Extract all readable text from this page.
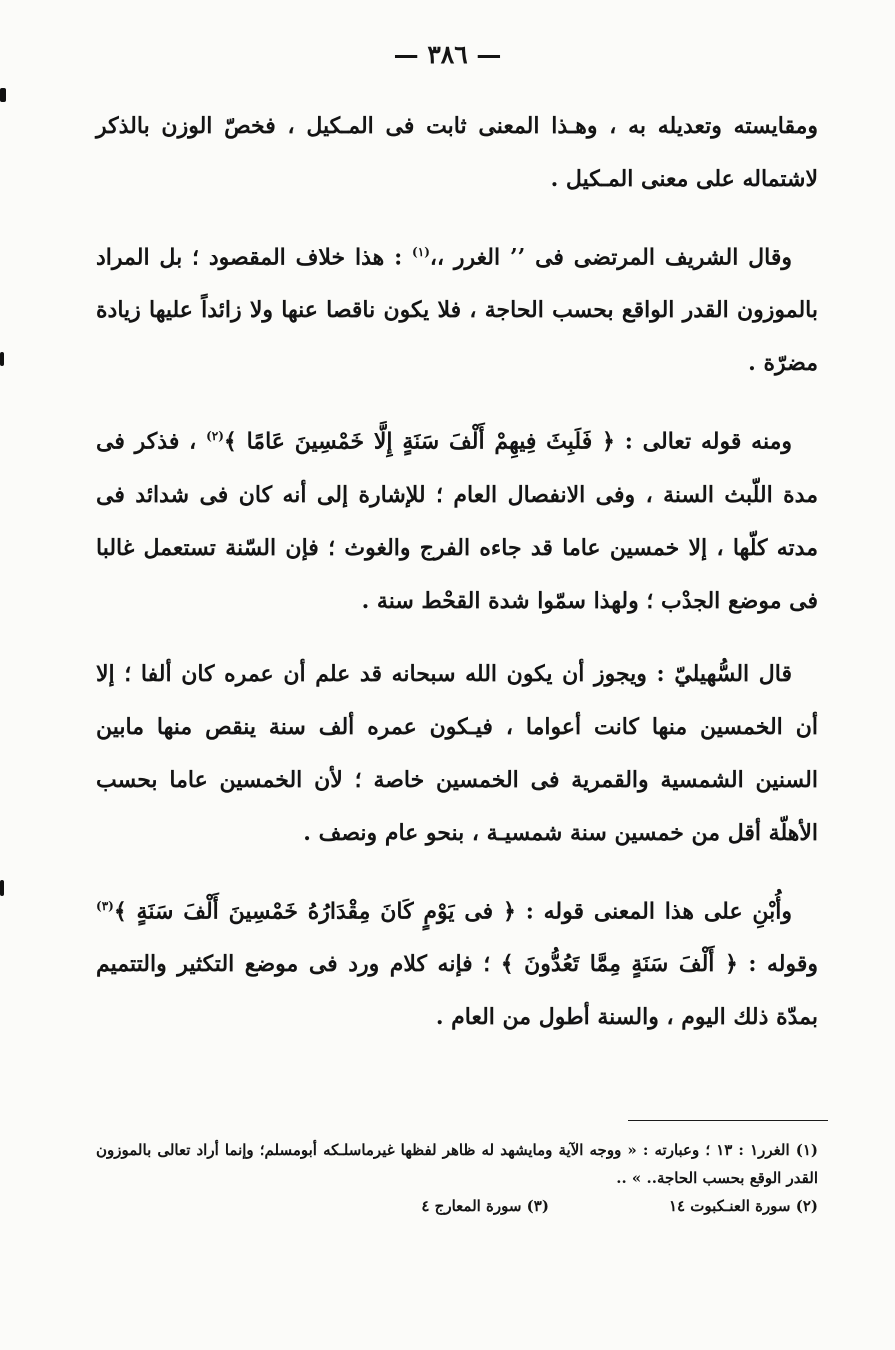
— ٣٨٦ —

ومقايسته وتعديله به ، وهـذا المعنى ثابت فى المـكيل ، فخصّ الوزن بالذكر لاشتماله على معنى المـكيل .

وقال الشريف المرتضى فى ’’ الغرر ،،$^{(١)}$ : هذا خلاف المقصود ؛ بل المراد بالموزون القدر الواقع بحسب الحاجة ، فلا يكون ناقصا عنها ولا زائداً عليها زيادة مضرّة .

ومنه قوله تعالى : ﴿ فَلَبِثَ فِيهِمْ أَلْفَ سَنَةٍ إِلَّا خَمْسِينَ عَامًا ﴾$^{(٢)}$ ، فذكر فى مدة اللّبث السنة ، وفى الانفصال العام ؛ للإشارة إلى أنه كان فى شدائد فى مدته كلّها ، إلا خمسين عاما قد جاءه الفرج والغوث ؛ فإن السّنة تستعمل غالبا فى موضع الجدْب ؛ ولهذا سمّوا شدة القحْط سنة .

قال السُّهيليّ : ويجوز أن يكون الله سبحانه قد علم أن عمره كان ألفا ؛ إلا أن الخمسين منها كانت أعواما ، فيـكون عمره ألف سنة ينقص منها مابين السنين الشمسية والقمرية فى الخمسين خاصة ؛ لأن الخمسين عاما بحسب الأهلّة أقل من خمسين سنة شمسيـة ، بنحو عام ونصف .

وأُبْنِ على هذا المعنى قوله : ﴿ فى يَوْمٍ كَانَ مِقْدَارُهُ خَمْسِينَ أَلْفَ سَنَةٍ ﴾$^{(٣)}$ وقوله : ﴿ أَلْفَ سَنَةٍ مِمَّا تَعُدُّونَ ﴾ ؛ فإنه كلام ورد فى موضع التكثير والتتميم بمدّة ذلك اليوم ، والسنة أطول من العام .

(١) الغرر١ : ١٣ ؛ وعبارته : « ووجه الآية ومايشهد له ظاهر لفظها غيرماسلـكه أبومسلم؛ وإنما أراد تعالى بالموزون القدر الوقع بحسب الحاجة.. » ..
(٢) سورة العنـكبوت ١٤
(٣) سورة المعارج ٤
